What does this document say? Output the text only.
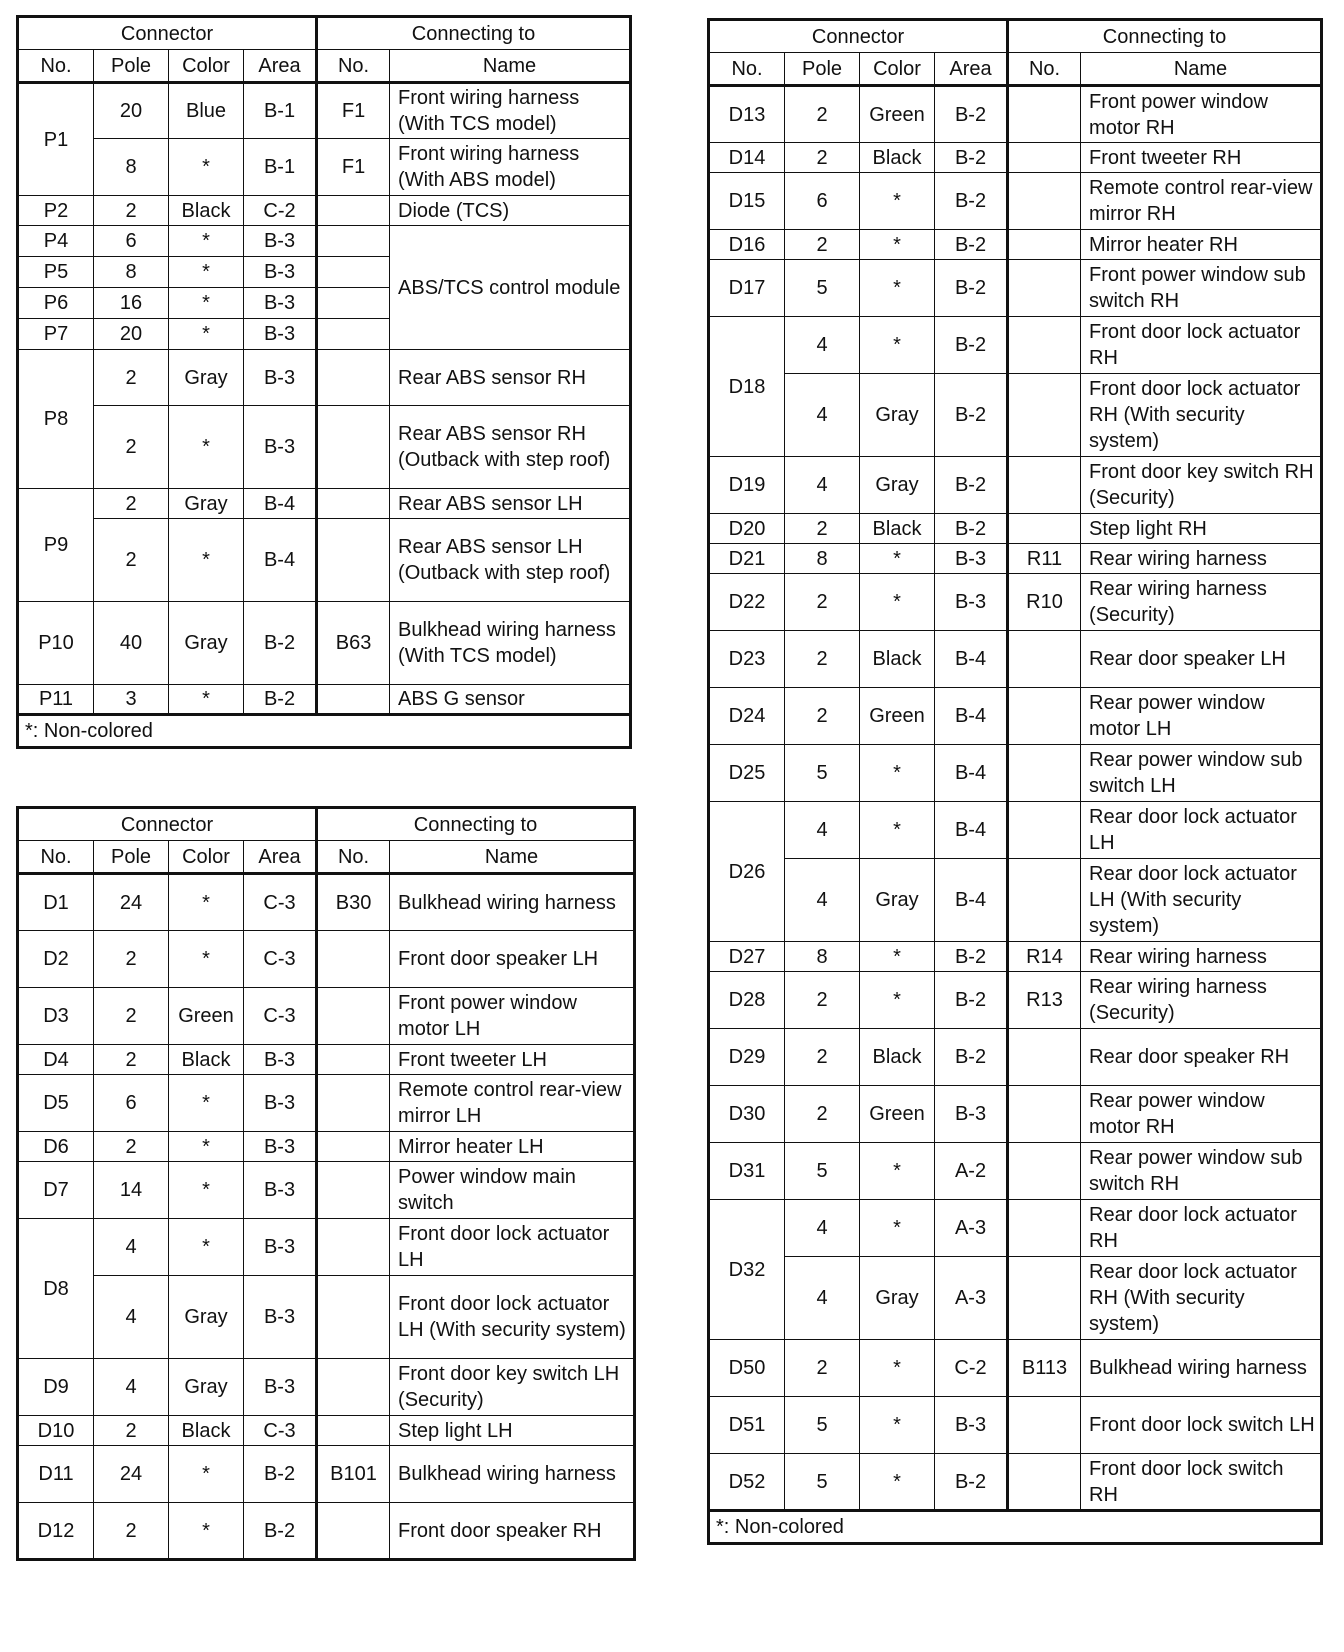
Connector				Connecting to	
No.	Pole	Color	Area	No.	Name
P1	20	Blue	B-1	F1	Front wiring harness (With TCS model)
	8	*	B-1	F1	Front wiring harness (With ABS model)
P2	2	Black	C-2		Diode (TCS)
P4	6	*	B-3		ABS/TCS control module
P5	8	*	B-3		
P6	16	*	B-3		
P7	20	*	B-3		
P8	2	Gray	B-3		Rear ABS sensor RH
	2	*	B-3		Rear ABS sensor RH (Outback with step roof)
P9	2	Gray	B-4		Rear ABS sensor LH
	2	*	B-4		Rear ABS sensor LH (Outback with step roof)
P10	40	Gray	B-2	B63	Bulkhead wiring harness (With TCS model)
P11	3	*	B-2		ABS G sensor
*: Non-colored					
Connector				Connecting to	
No.	Pole	Color	Area	No.	Name
D1	24	*	C-3	B30	Bulkhead wiring harness
D2	2	*	C-3		Front door speaker LH
D3	2	Green	C-3		Front power window motor LH
D4	2	Black	B-3		Front tweeter LH
D5	6	*	B-3		Remote control rear-view mirror LH
D6	2	*	B-3		Mirror heater LH
D7	14	*	B-3		Power window main switch
D8	4	*	B-3		Front door lock actuator LH
	4	Gray	B-3		Front door lock actuator LH (With security system)
D9	4	Gray	B-3		Front door key switch LH (Security)
D10	2	Black	C-3		Step light LH
D11	24	*	B-2	B101	Bulkhead wiring harness
D12	2	*	B-2		Front door speaker RH
Connector				Connecting to	
No.	Pole	Color	Area	No.	Name
D13	2	Green	B-2		Front power window motor RH
D14	2	Black	B-2		Front tweeter RH
D15	6	*	B-2		Remote control rear-view mirror RH
D16	2	*	B-2		Mirror heater RH
D17	5	*	B-2		Front power window sub switch RH
D18	4	*	B-2		Front door lock actuator RH
	4	Gray	B-2		Front door lock actuator RH (With security system)
D19	4	Gray	B-2		Front door key switch RH (Security)
D20	2	Black	B-2		Step light RH
D21	8	*	B-3	R11	Rear wiring harness
D22	2	*	B-3	R10	Rear wiring harness (Security)
D23	2	Black	B-4		Rear door speaker LH
D24	2	Green	B-4		Rear power window motor LH
D25	5	*	B-4		Rear power window sub switch LH
D26	4	*	B-4		Rear door lock actuator LH
	4	Gray	B-4		Rear door lock actuator LH (With security system)
D27	8	*	B-2	R14	Rear wiring harness
D28	2	*	B-2	R13	Rear wiring harness (Security)
D29	2	Black	B-2		Rear door speaker RH
D30	2	Green	B-3		Rear power window motor RH
D31	5	*	A-2		Rear power window sub switch RH
D32	4	*	A-3		Rear door lock actuator RH
	4	Gray	A-3		Rear door lock actuator RH (With security system)
D50	2	*	C-2	B113	Bulkhead wiring harness
D51	5	*	B-3		Front door lock switch LH
D52	5	*	B-2		Front door lock switch RH
*: Non-colored					
